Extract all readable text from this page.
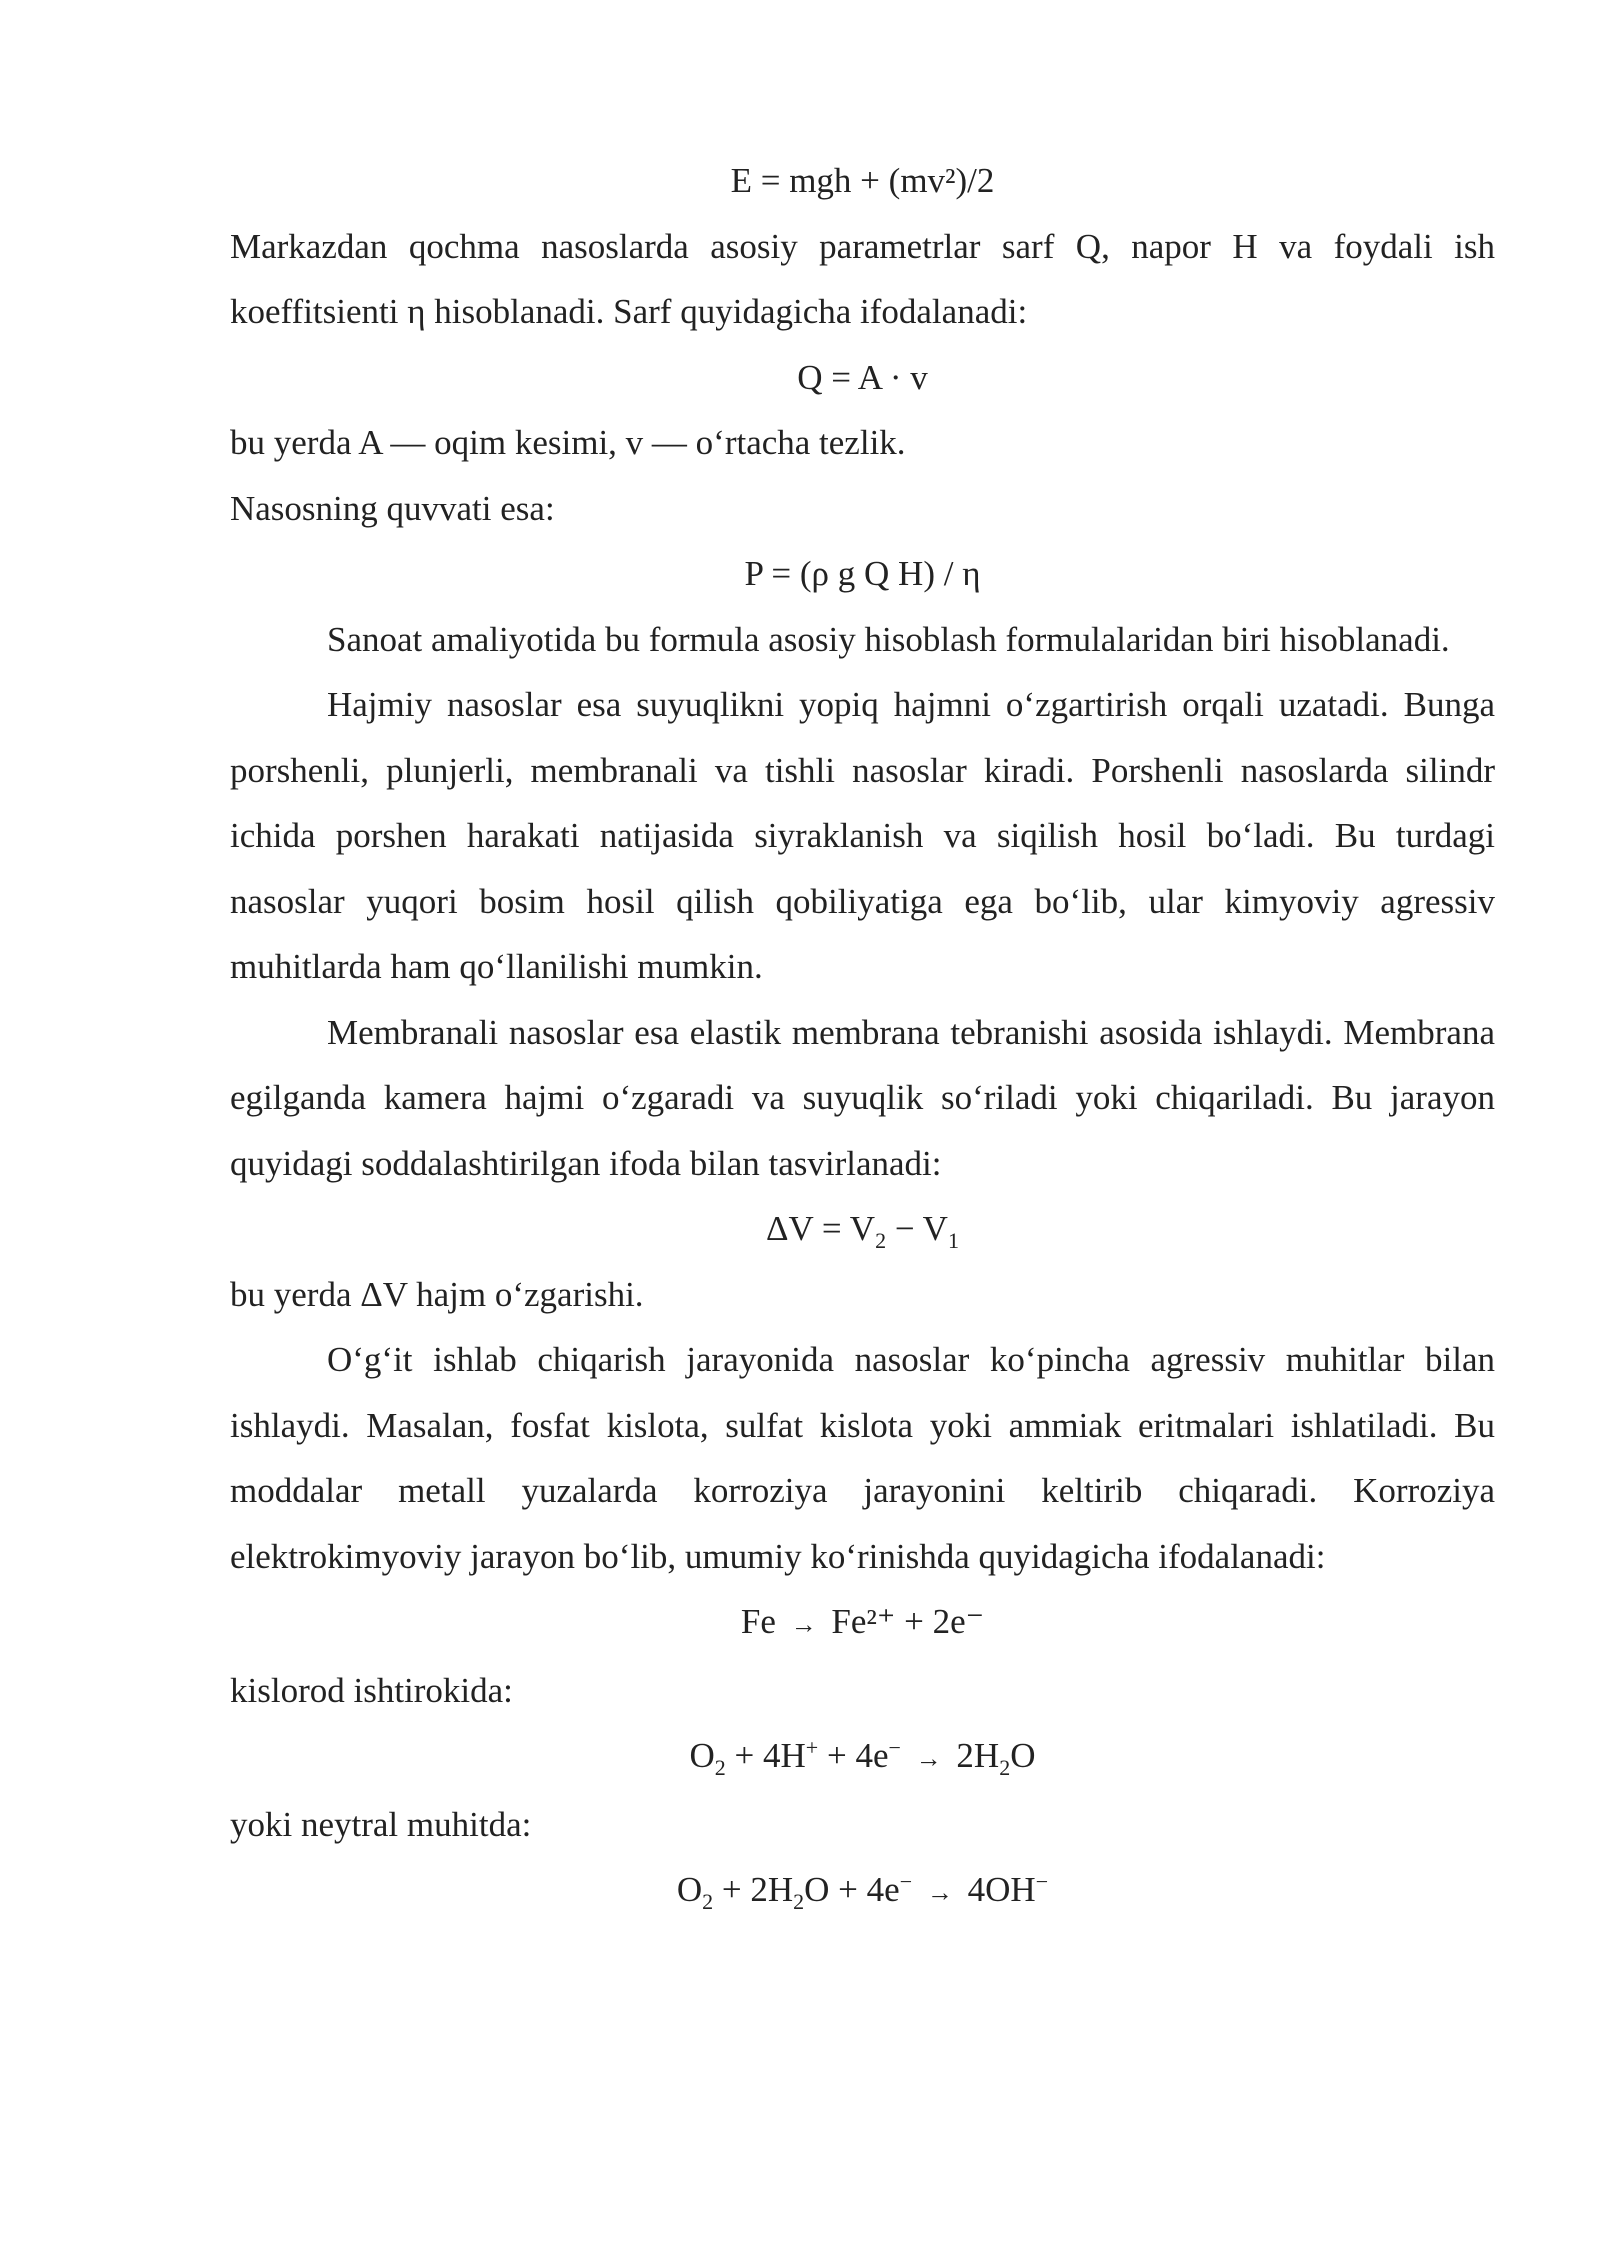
E = mgh + (mv²)/2

Markazdan qochma nasoslarda asosiy parametrlar sarf Q, napor H va foydali ish koeffitsienti η hisoblanadi. Sarf quyidagicha ifodalanadi:

Q = A · v

bu yerda A — oqim kesimi, v — oʻrtacha tezlik.

Nasosning quvvati esa:

P = (ρ g Q H) / η

Sanoat amaliyotida bu formula asosiy hisoblash formulalaridan biri hisoblanadi.

Hajmiy nasoslar esa suyuqlikni yopiq hajmni oʻzgartirish orqali uzatadi. Bunga porshenli, plunjerli, membranali va tishli nasoslar kiradi. Porshenli nasoslarda silindr ichida porshen harakati natijasida siyraklanish va siqilish hosil boʻladi. Bu turdagi nasoslar yuqori bosim hosil qilish qobiliyatiga ega boʻlib, ular kimyoviy agressiv muhitlarda ham qoʻllanilishi mumkin.

Membranali nasoslar esa elastik membrana tebranishi asosida ishlaydi. Membrana egilganda kamera hajmi oʻzgaradi va suyuqlik soʻriladi yoki chiqariladi. Bu jarayon quyidagi soddalashtirilgan ifoda bilan tasvirlanadi:

$\Delta V = V_2 - V_1$

bu yerda ΔV hajm oʻzgarishi.

Oʻgʻit ishlab chiqarish jarayonida nasoslar koʻpincha agressiv muhitlar bilan ishlaydi. Masalan, fosfat kislota, sulfat kislota yoki ammiak eritmalari ishlatiladi. Bu moddalar metall yuzalarda korroziya jarayonini keltirib chiqaradi. Korroziya elektrokimyoviy jarayon boʻlib, umumiy koʻrinishda quyidagicha ifodalanadi:

Fe → Fe²⁺ + 2e⁻

kislorod ishtirokida:

$O_2 + 4H^+ + 4e^- \to 2H_2O$

yoki neytral muhitda:

$O_2 + 2H_2O + 4e^- \to 4OH^-$
